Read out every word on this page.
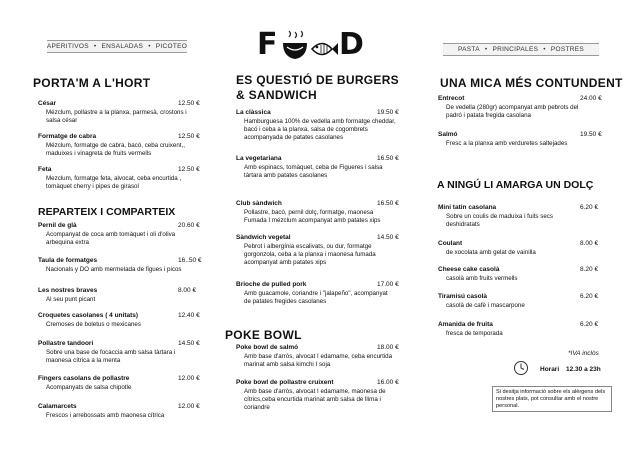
APERITIVOS • ENSALADAS • PICOTEO	PASTA • PRINCIPALES • POSTRES
F D
PORTA'M A L'HORT
REPARTEIX I COMPARTEIX
ES QUESTIÓ DE BURGERS & SANDWICH
POKE BOWL
UNA MICA MÉS CONTUNDENT
A NINGÚ LI AMARGA UN DOLÇ
César
Mézclum, pollastre a la planxa, parmesà, crostons i salsa césar
12.50 €
Formatge de cabra
Mézclum, formatge de cabra, bacó, ceba cruixent,, maduixes i vinagreta de fruits vermells
12.50 €
Feta
Mezclum, formatge feta, alvocat, ceba encurtida , tomàquet cherry i pipes de girasol
12.50 €
Pernil de glà
Acompanyat de coca amb tomàquet i oli d'oliva arbequina extra
20.60 €
Taula de formatges
Nacionals y DO amb mermelada de figues i picos
16..50 €
Les nostres braves
Al seu punt picant
8.00 €
Croquetes casolanes ( 4 unitats)
Cremoses de boletus o mexicanes
12.40 €
Pollastre tandoori
Sobre una base de focaccia amb salsa tàrtara i maonesa cítrica a la menta
14.50 €
Fingers casolans de pollastre
Acompanyats de salsa chipotle
12.00 €
Calamarcets
Frescos i arrebossats amb maonesa cítrica
12.00 €
La clàssica
Hamburguesa 100% de vedella amb formatge cheddar, bacó i ceba a la planxa, salsa de cogombrets acompanyada de patates casolanes
19.50 €
La vegetariana
Amb espinacs, tomàquet, ceba de Figueres i salsa tàrtara amb patates casolanes
16.50 €
Club sàndwich
Pollastre, bacó, pernil dolç, formatge, maonesa Fumada I mézclum acompanyat amb patates xips
16.50 €
Sàndwich vegetal
Pebrot i albergínia escalivats, ou dur, formatge gorgonzola, ceba a la planxa i maonesa fumada acompanyat amb patates xips
14.50 €
Brioche de pulled pork
Amb guacamole, coriandre i "jalapeño", acompanyat de patates fregides casolanes
17.00 €
Poke bowl de salmó
Amb base d'arròs, alvocat I edamame, ceba encurtida marinat amb salsa kimchi I soja
18.00 €
Poke bowl de pollastre cruixent
Amb base d'arròs, alvocat I edamame, maonesa de cítrics,ceba encurtida marinat amb salsa de llima i coriandre
16.00 €
Entrecot
De vedella (280gr) acompanyat amb pebrots del padró i patata fregida casolana
24.00 €
Salmó
Fresc a la planxa amb verduretes saltejades
19.50 €
Mini tatin casolana
Sobre un coulis de maduixa i fuits secs deshidratats
6.20 €
Coulant
de xocolata amb gelat de vainilla
8.00 €
Cheese cake casolà
casolà amb fruits vermells
8.20 €
Tiramisú casolà
casolà de cafè i mascarpone
6.20 €
Amanida de fruita
fresca de temporada
6.20 €
*IVA inclòs
Horari 12.30 a 23h
Si desitja informació sobre els alèrgens dels nostres plats, pot consultar amb el nostre personal.
